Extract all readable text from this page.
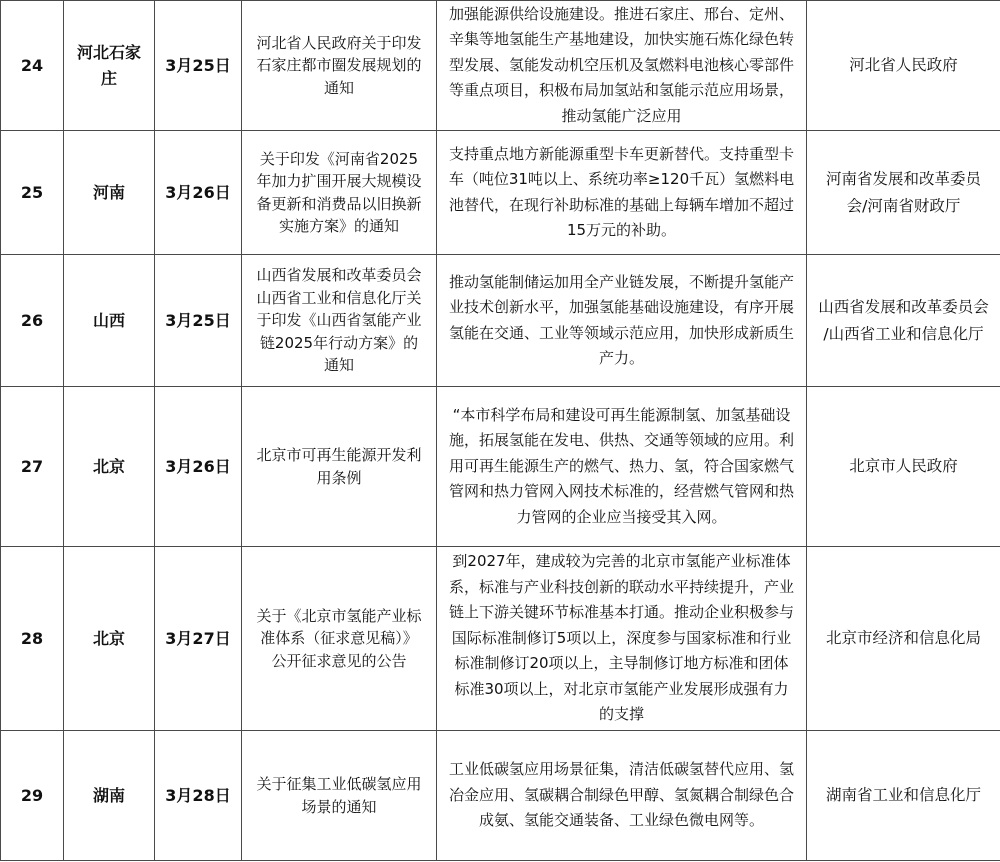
24	河北石家庄	3月25日	河北省人民政府关于印发石家庄都市圈发展规划的通知	加强能源供给设施建设。推进石家庄、邢台、定州、辛集等地氢能生产基地建设，加快实施石炼化绿色转型发展、氢能发动机空压机及氢燃料电池核心零部件等重点项目，积极布局加氢站和氢能示范应用场景，推动氢能广泛应用	河北省人民政府
25	河南	3月26日	关于印发《河南省2025年加力扩围开展大规模设备更新和消费品以旧换新实施方案》的通知	支持重点地方新能源重型卡车更新替代。支持重型卡车（吨位31吨以上、系统功率≥120千瓦）氢燃料电池替代，在现行补助标准的基础上每辆车增加不超过15万元的补助。	河南省发展和改革委员会/河南省财政厅
26	山西	3月25日	山西省发展和改革委员会 山西省工业和信息化厅关于印发《山西省氢能产业链2025年行动方案》的通知	推动氢能制储运加用全产业链发展，不断提升氢能产业技术创新水平，加强氢能基础设施建设，有序开展氢能在交通、工业等领域示范应用，加快形成新质生产力。	山西省发展和改革委员会 /山西省工业和信息化厅
27	北京	3月26日	北京市可再生能源开发利用条例	“本市科学布局和建设可再生能源制氢、加氢基础设施，拓展氢能在发电、供热、交通等领域的应用。利用可再生能源生产的燃气、热力、氢，符合国家燃气管网和热力管网入网技术标准的，经营燃气管网和热力管网的企业应当接受其入网。	北京市人民政府
28	北京	3月27日	关于《北京市氢能产业标准体系（征求意见稿）》公开征求意见的公告	到2027年，建成较为完善的北京市氢能产业标准体系，标准与产业科技创新的联动水平持续提升，产业链上下游关键环节标准基本打通。推动企业积极参与国际标准制修订5项以上，深度参与国家标准和行业标准制修订20项以上，主导制修订地方标准和团体标准30项以上，对北京市氢能产业发展形成强有力的支撑	北京市经济和信息化局
29	湖南	3月28日	关于征集工业低碳氢应用场景的通知	工业低碳氢应用场景征集，清洁低碳氢替代应用、氢冶金应用、氢碳耦合制绿色甲醇、氢氮耦合制绿色合成氨、氢能交通装备、工业绿色微电网等。	湖南省工业和信息化厅
